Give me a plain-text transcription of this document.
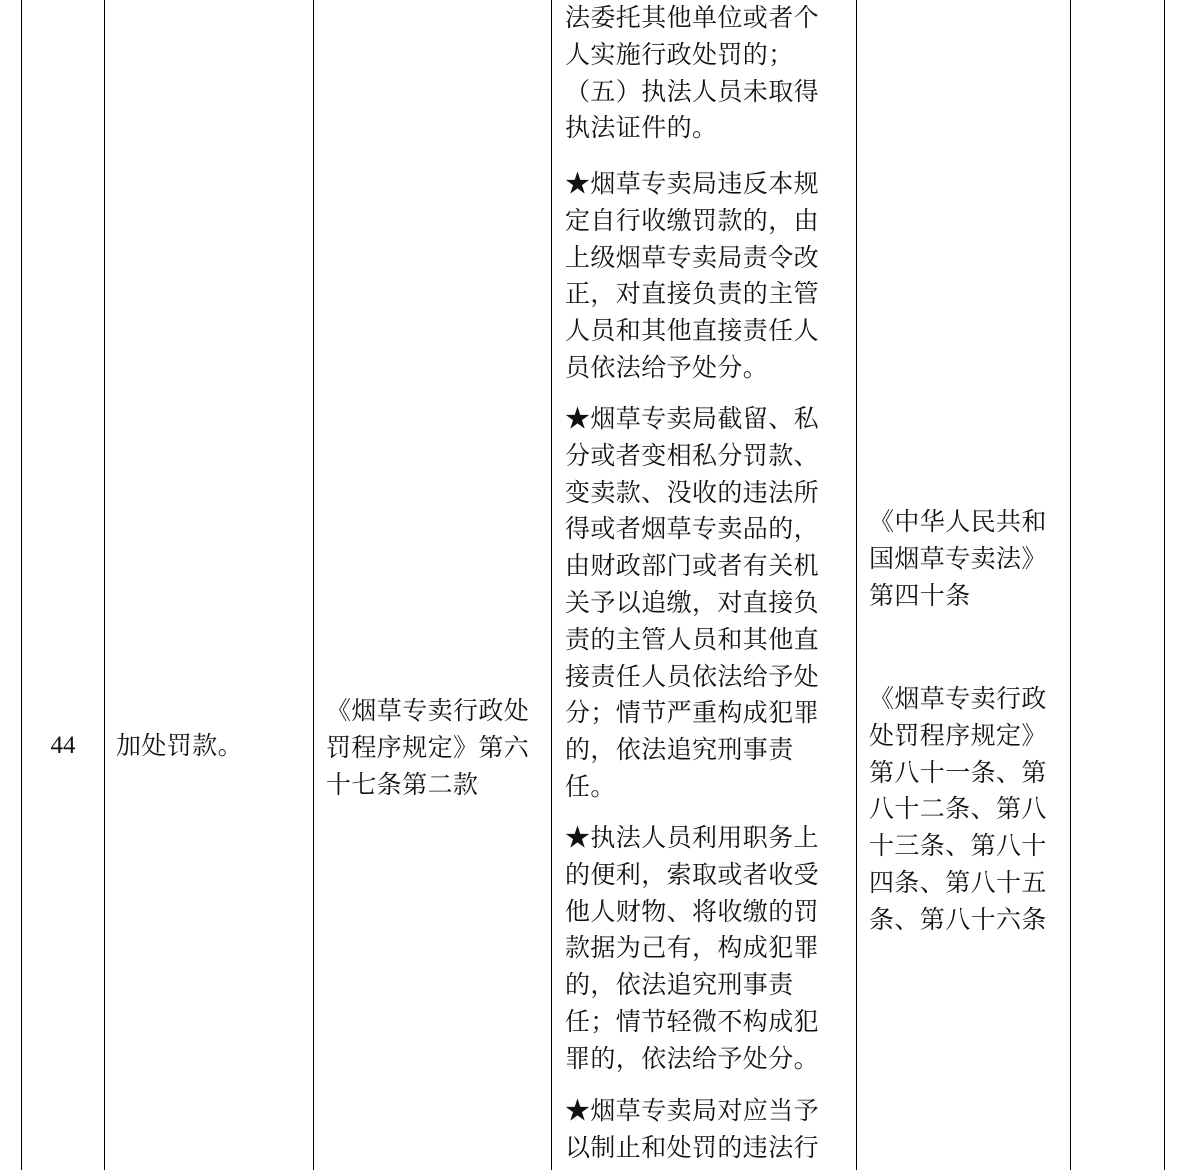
44	加处罚款。
《烟草专卖行政处
罚程序规定》第六
十七条第二款
法委托其他单位或者个
人实施行政处罚的；
（五）执法人员未取得
执法证件的。
★烟草专卖局违反本规
定自行收缴罚款的，由
上级烟草专卖局责令改
正，对直接负责的主管
人员和其他直接责任人
员依法给予处分。
★烟草专卖局截留、私
分或者变相私分罚款、
变卖款、没收的违法所
得或者烟草专卖品的，
由财政部门或者有关机
关予以追缴，对直接负
责的主管人员和其他直
接责任人员依法给予处
分；情节严重构成犯罪
的，依法追究刑事责
任。
★执法人员利用职务上
的便利，索取或者收受
他人财物、将收缴的罚
款据为己有，构成犯罪
的，依法追究刑事责
任；情节轻微不构成犯
罪的，依法给予处分。
★烟草专卖局对应当予
以制止和处罚的违法行
《中华人民共和
国烟草专卖法》
第四十条
《烟草专卖行政
处罚程序规定》
第八十一条、第
八十二条、第八
十三条、第八十
四条、第八十五
条、第八十六条
